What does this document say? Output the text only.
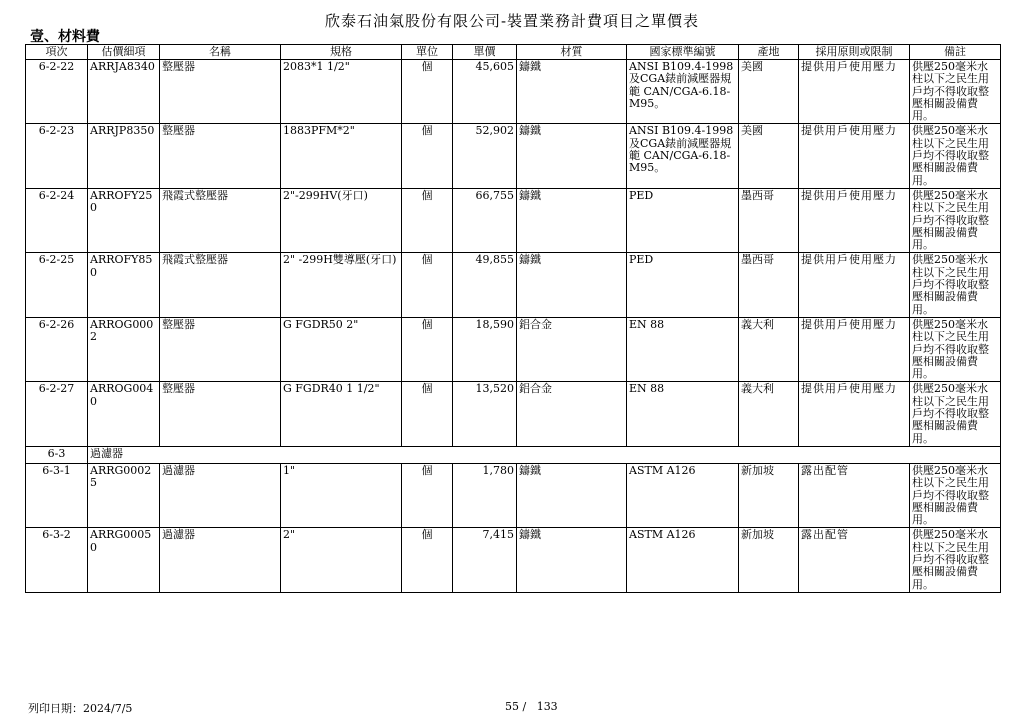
欣泰石油氣股份有限公司-裝置業務計費項目之單價表
壹、材料費
項次	估價細項	名稱	規格	單位	單價	材質	國家標準編號	產地	採用原則或限制	備註
6-2-22	ARRJA8340	整壓器	2083*1 1/2"	個	45,605	鑄鐵	ANSI B109.4-1998及CGA錶前減壓器規範 CAN/CGA-6.18-M95。	美國	提供用戶使用壓力	供壓250毫米水柱以下之民生用戶均不得收取整壓相關設備費用。
6-2-23	ARRJP8350	整壓器	1883PFM*2"	個	52,902	鑄鐵	ANSI B109.4-1998及CGA錶前減壓器規範 CAN/CGA-6.18-M95。	美國	提供用戶使用壓力	供壓250毫米水柱以下之民生用戶均不得收取整壓相關設備費用。
6-2-24	ARROFY250	飛霞式整壓器	2"-299HV(牙口)	個	66,755	鑄鐵	PED	墨西哥	提供用戶使用壓力	供壓250毫米水柱以下之民生用戶均不得收取整壓相關設備費用。
6-2-25	ARROFY850	飛霞式整壓器	2" -299H雙導壓(牙口)	個	49,855	鑄鐵	PED	墨西哥	提供用戶使用壓力	供壓250毫米水柱以下之民生用戶均不得收取整壓相關設備費用。
6-2-26	ARROG0002	整壓器	G FGDR50 2"	個	18,590	鋁合金	EN 88	義大利	提供用戶使用壓力	供壓250毫米水柱以下之民生用戶均不得收取整壓相關設備費用。
6-2-27	ARROG0040	整壓器	G FGDR40 1 1/2"	個	13,520	鋁合金	EN 88	義大利	提供用戶使用壓力	供壓250毫米水柱以下之民生用戶均不得收取整壓相關設備費用。
6-3	過濾器									
6-3-1	ARRG00025	過濾器	1"	個	1,780	鑄鐵	ASTM A126	新加坡	露出配管	供壓250毫米水柱以下之民生用戶均不得收取整壓相關設備費用。
6-3-2	ARRG00050	過濾器	2"	個	7,415	鑄鐵	ASTM A126	新加坡	露出配管	供壓250毫米水柱以下之民生用戶均不得收取整壓相關設備費用。
列印日期：2024/7/5	55 /   133
